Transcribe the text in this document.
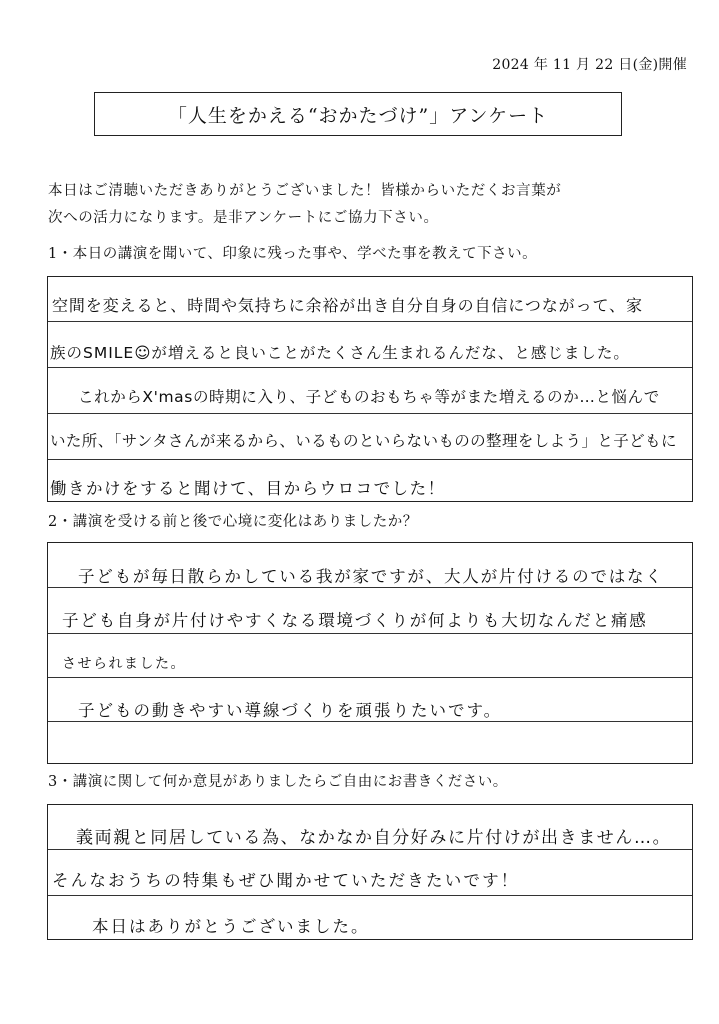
2024 年 11 月 22 日(金)開催
「人生をかえる“おかたづけ”」アンケート
本日はご清聴いただきありがとうございました！皆様からいただくお言葉が
次への活力になります。是非アンケートにご協力下さい。
1・本日の講演を聞いて、印象に残った事や、学べた事を教えて下さい。
空間を変えると、時間や気持ちに余裕が出き自分自身の自信につながって、家
族のSMILE☺が増えると良いことがたくさん生まれるんだな、と感じました。
これからX'masの時期に入り、子どものおもちゃ等がまた増えるのか…と悩んで
いた所、「サンタさんが来るから、いるものといらないものの整理をしよう」と子どもに
働きかけをすると聞けて、目からウロコでした！
2・講演を受ける前と後で心境に変化はありましたか？
子どもが毎日散らかしている我が家ですが、大人が片付けるのではなく
子ども自身が片付けやすくなる環境づくりが何よりも大切なんだと痛感
させられました。
子どもの動きやすい導線づくりを頑張りたいです。
3・講演に関して何か意見がありましたらご自由にお書きください。
義両親と同居している為、なかなか自分好みに片付けが出きません…。
そんなおうちの特集もぜひ聞かせていただきたいです！
本日はありがとうございました。
